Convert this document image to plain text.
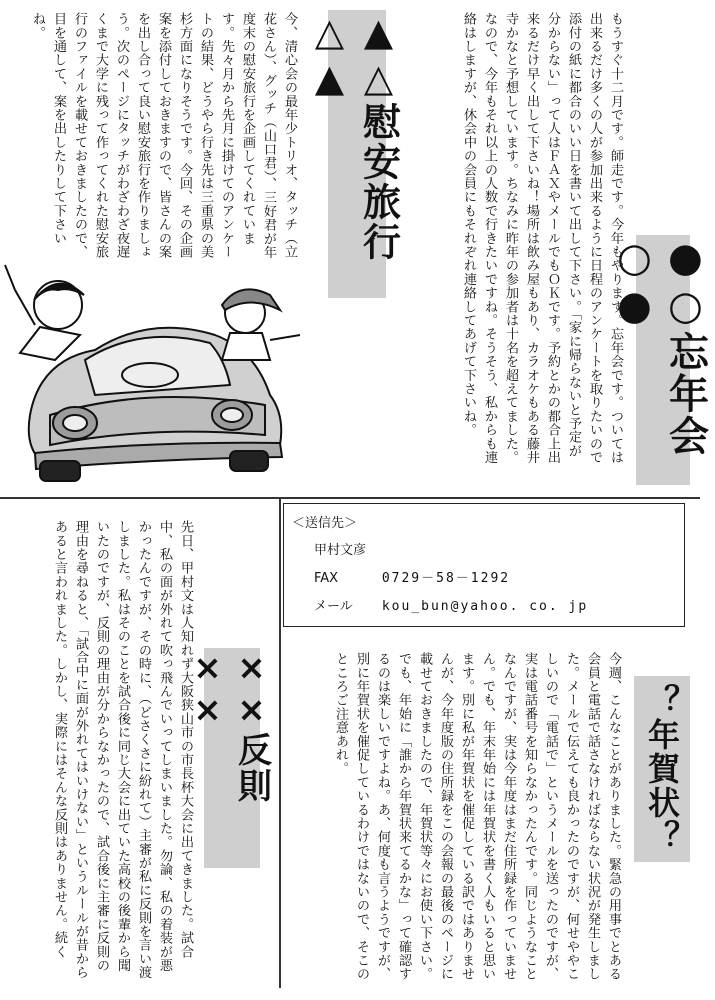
●○忘年会○●
▲△慰安旅行△▲
？年賀状？
××反則××
もうすぐ十二月です。師走です。今年もやります。忘年会です。ついては出来るだけ多くの人が参加出来るように日程のアンケートを取りたいので添付の紙に都合のいい日を書いて出して下さい。「家に帰らないと予定が分からない」って人はＦＡＸやメールでもＯＫです。予約とかの都合上出来るだけ早く出して下さいね！場所は飲み屋もあり、カラオケもある藤井寺かなと予想しています。ちなみに昨年の参加者は十名を超えてました。なので、今年もそれ以上の人数で行きたいですね。そうそう、私からも連絡はしますが、休会中の会員にもそれぞれ連絡してあげて下さいね。
今、清心会の最年少トリオ、タッチ（立花さん）、グッチ（山口君）、三好君が年度末の慰安旅行を企画してくれています。先々月から先月に掛けてのアンケートの結果、どうやら行き先は三重県の美杉方面になりそうです。今回、その企画案を添付しておきますので、皆さんの案を出し合って良い慰安旅行を作りましょう。次のページにタッチがわざわざ夜遅くまで大学に残って作ってくれた慰安旅行のファイルを載せておきましたので、目を通して、案を出したりして下さいね。
今週、こんなことがありました。緊急の用事でとある会員と電話で話さなければならない状況が発生しました。メールで伝えても良かったのですが、何せややこしいので「電話で」というメールを送ったのですが、実は電話番号を知らなかったんです。同じようなことなんですが、実は今年度はまだ住所録を作っていません。でも、年末年始には年賀状を書く人もいると思います。別に私が年賀状を催促している訳ではありませんが、今年度版の住所録をこの会報の最後のページに載せておきましたので、年賀状等々にお使い下さい。でも、年始に「誰から年賀状来てるかな」って確認するのは楽しいですよね。あ、何度も言うようですが、別に年賀状を催促しているわけではないので、そこのところご注意あれ。
先日、甲村文は人知れず大阪狭山市の市長杯大会に出てきました。試合中、私の面が外れて吹っ飛んでいってしまいました。勿論、私の着装が悪かったんですが、その時に、（どさくさに紛れて）主審が私に反則を言い渡しました。私はそのことを試合後に同じ大会に出ていた高校の後輩から聞いたのですが、反則の理由が分からなかったので、試合後に主審に反則の理由を尋ねると、「試合中に面が外れてはいけない」というルールが昔からあると言われました。しかし、実際にはそんな反則はありません。続く	＜送信先＞
甲村文彦
FAX	0729－58－1292
メール kou_bun@yahoo. co. jp
